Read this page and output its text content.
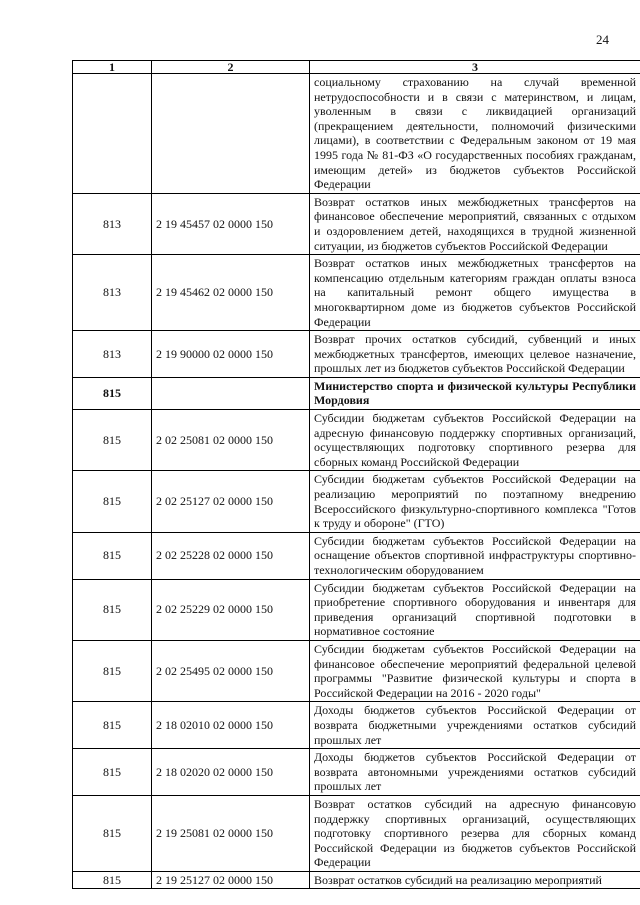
24
1	2	3
		социальному страхованию на случай временной нетрудоспособности и в связи с материнством, и лицам, уволенным в связи с ликвидацией организаций (прекращением деятельности, полномочий физическими лицами), в соответствии с Федеральным законом от 19 мая 1995 года № 81-ФЗ «О государственных пособиях гражданам, имеющим детей» из бюджетов субъектов Российской Федерации
813	2 19 45457 02 0000 150	Возврат остатков иных межбюджетных трансфертов на финансовое обеспечение мероприятий, связанных с отдыхом и оздоровлением детей, находящихся в трудной жизненной ситуации, из бюджетов субъектов Российской Федерации
813	2 19 45462 02 0000 150	Возврат остатков иных межбюджетных трансфертов на компенсацию отдельным категориям граждан оплаты взноса на капитальный ремонт общего имущества в многоквартирном доме из бюджетов субъектов Российской Федерации
813	2 19 90000 02 0000 150	Возврат прочих остатков субсидий, субвенций и иных межбюджетных трансфертов, имеющих целевое назначение, прошлых лет из бюджетов субъектов Российской Федерации
815		Министерство спорта и физической культуры Республики Мордовия
815	2 02 25081 02 0000 150	Субсидии бюджетам субъектов Российской Федерации на адресную финансовую поддержку спортивных организаций, осуществляющих подготовку спортивного резерва для сборных команд Российской Федерации
815	2 02 25127 02 0000 150	Субсидии бюджетам субъектов Российской Федерации на реализацию мероприятий по поэтапному внедрению Всероссийского физкультурно-спортивного комплекса "Готов к труду и обороне" (ГТО)
815	2 02 25228 02 0000 150	Субсидии бюджетам субъектов Российской Федерации на оснащение объектов спортивной инфраструктуры спортивно-технологическим оборудованием
815	2 02 25229 02 0000 150	Субсидии бюджетам субъектов Российской Федерации на приобретение спортивного оборудования и инвентаря для приведения организаций спортивной подготовки в нормативное состояние
815	2 02 25495 02 0000 150	Субсидии бюджетам субъектов Российской Федерации на финансовое обеспечение мероприятий федеральной целевой программы "Развитие физической культуры и спорта в Российской Федерации на 2016 - 2020 годы"
815	2 18 02010 02 0000 150	Доходы бюджетов субъектов Российской Федерации от возврата бюджетными учреждениями остатков субсидий прошлых лет
815	2 18 02020 02 0000 150	Доходы бюджетов субъектов Российской Федерации от возврата автономными учреждениями остатков субсидий прошлых лет
815	2 19 25081 02 0000 150	Возврат остатков субсидий на адресную финансовую поддержку спортивных организаций, осуществляющих подготовку спортивного резерва для сборных команд Российской Федерации из бюджетов субъектов Российской Федерации
815	2 19 25127 02 0000 150	Возврат остатков субсидий на реализацию мероприятий
